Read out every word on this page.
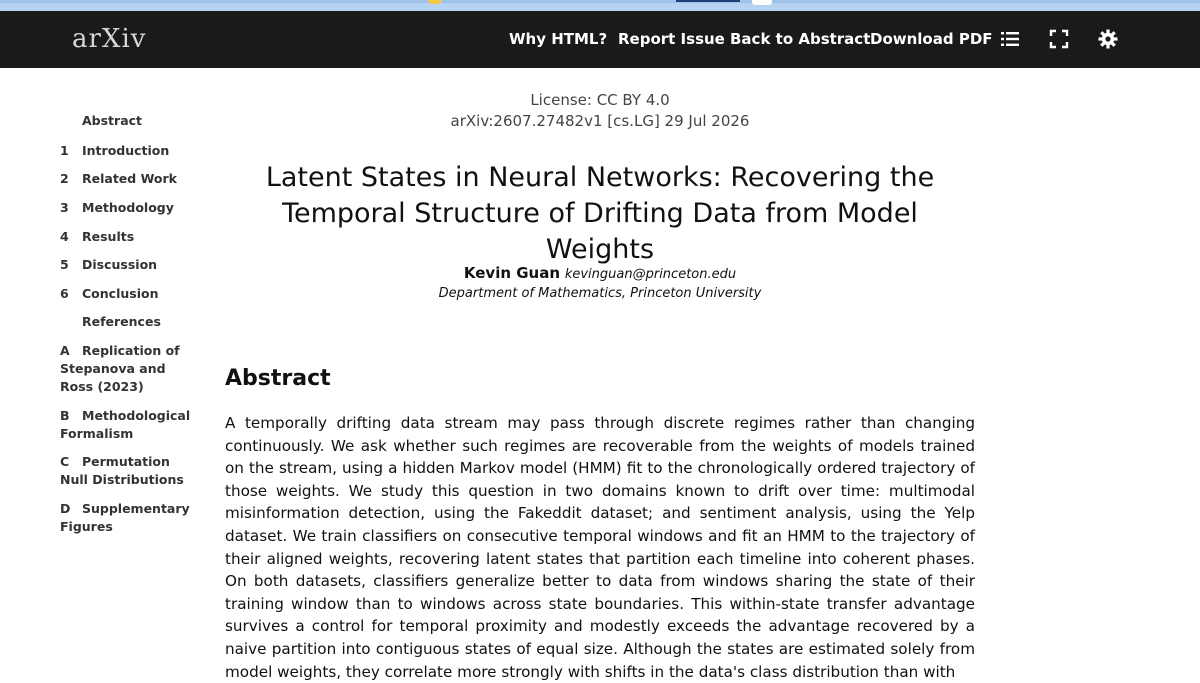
arXiv	Why HTML? Report Issue Back to Abstract Download PDF
Abstract
1	Introduction
2	Related Work
3	Methodology
4	Results
5	Discussion
6	Conclusion
References
A Replication of Stepanova and Ross (2023)
B Methodological Formalism
C	Permutation Null Distributions
D Supplementary Figures
License: CC BY 4.0
arXiv:2607.27482v1 [cs.LG] 29 Jul 2026
Latent States in Neural Networks: Recovering the Temporal Structure of Drifting Data from Model Weights
Kevin Guan kevinguan@princeton.edu
Department of Mathematics, Princeton University
Abstract

A temporally drifting data stream may pass through discrete regimes rather than changing continuously. We ask whether such regimes are recoverable from the weights of models trained on the stream, using a hidden Markov model (HMM) fit to the chronologically ordered trajectory of those weights. We study this question in two domains known to drift over time: multimodal misinformation detection, using the Fakeddit dataset; and sentiment analysis, using the Yelp dataset. We train classifiers on consecutive temporal windows and fit an HMM to the trajectory of their aligned weights, recovering latent states that partition each timeline into coherent phases. On both datasets, classifiers generalize better to data from windows sharing the state of their training window than to windows across state boundaries. This within-state transfer advantage survives a control for temporal proximity and modestly exceeds the advantage recovered by a naive partition into contiguous states of equal size. Although the states are estimated solely from model weights, they correlate more strongly with shifts in the data's class distribution than with
